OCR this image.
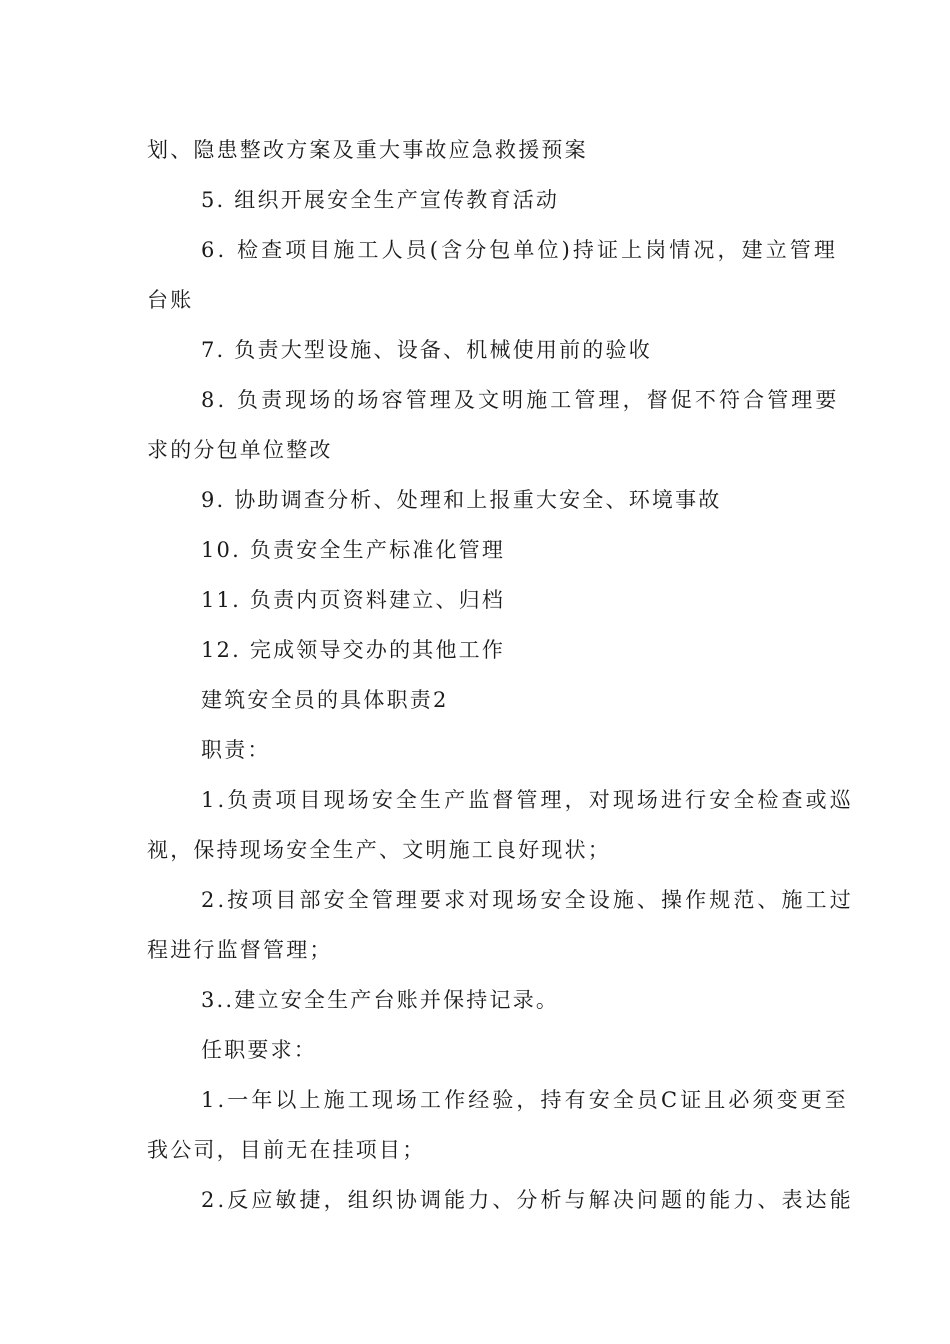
划、隐患整改方案及重大事故应急救援预案
5. 组织开展安全生产宣传教育活动
6. 检查项目施工人员(含分包单位)持证上岗情况，建立管理
台账
7. 负责大型设施、设备、机械使用前的验收
8. 负责现场的场容管理及文明施工管理，督促不符合管理要
求的分包单位整改
9. 协助调查分析、处理和上报重大安全、环境事故
10. 负责安全生产标准化管理
11. 负责内页资料建立、归档
12. 完成领导交办的其他工作
建筑安全员的具体职责2
职责：
1.负责项目现场安全生产监督管理，对现场进行安全检查或巡
视，保持现场安全生产、文明施工良好现状；
2.按项目部安全管理要求对现场安全设施、操作规范、施工过
程进行监督管理；
3..建立安全生产台账并保持记录。
任职要求：
1.一年以上施工现场工作经验，持有安全员C证且必须变更至
我公司，目前无在挂项目；
2.反应敏捷，组织协调能力、分析与解决问题的能力、表达能
